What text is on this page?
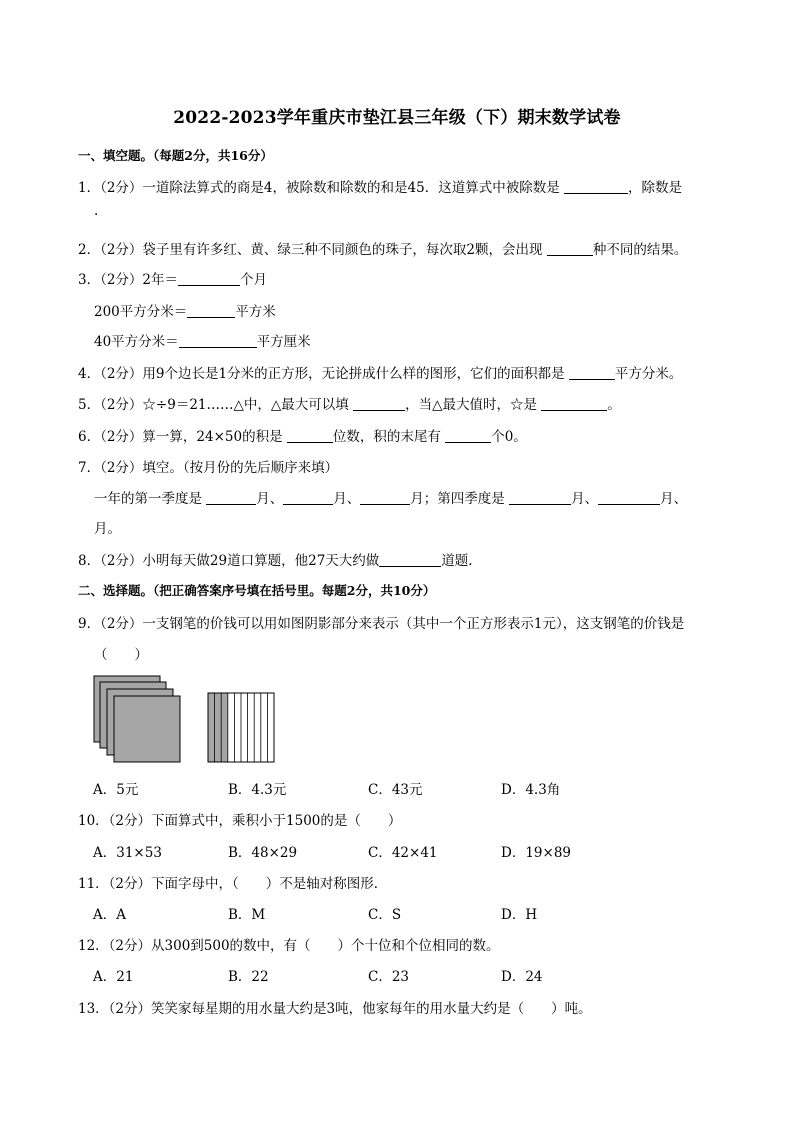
2022-2023学年重庆市垫江县三年级（下）期末数学试卷
一、填空题。（每题2分，共16分）
1．（2分）一道除法算式的商是4，被除数和除数的和是45．这道算式中被除数是	，除数是
.
2．（2分）袋子里有许多红、黄、绿三种不同颜色的珠子，每次取2颗，会出现	种不同的结果。
3．（2分）2年＝	个月
200平方分米＝	平方米
40平方分米＝	平方厘米
4．（2分）用9个边长是1分米的正方形，无论拼成什么样的图形，它们的面积都是	平方分米。
5．（2分）☆÷9＝21……△中，△最大可以填	，当△最大值时，☆是	。
6．（2分）算一算，24×50的积是	位数，积的末尾有	个0。
7．（2分）填空。（按月份的先后顺序来填）
一年的第一季度是	月、	月、	月；第四季度是	月、	月、
月。
8．（2分）小明每天做29道口算题，他27天大约做	道题.
二、选择题。（把正确答案序号填在括号里。每题2分，共10分）
9．（2分）一支钢笔的价钱可以用如图阴影部分来表示（其中一个正方形表示1元），这支钢笔的价钱是
（　　）
A．5元	B．4.3元	C．43元	D．4.3角
10．（2分）下面算式中，乘积小于1500的是（　　）
A．31×53	B．48×29	C．42×41	D．19×89
11．（2分）下面字母中，（　　）不是轴对称图形．
A．A	B．M	C．S	D．H
12．（2分）从300到500的数中，有（　　）个十位和个位相同的数。
A．21	B．22	C．23	D．24
13．（2分）笑笑家每星期的用水量大约是3吨，他家每年的用水量大约是（　　）吨。
